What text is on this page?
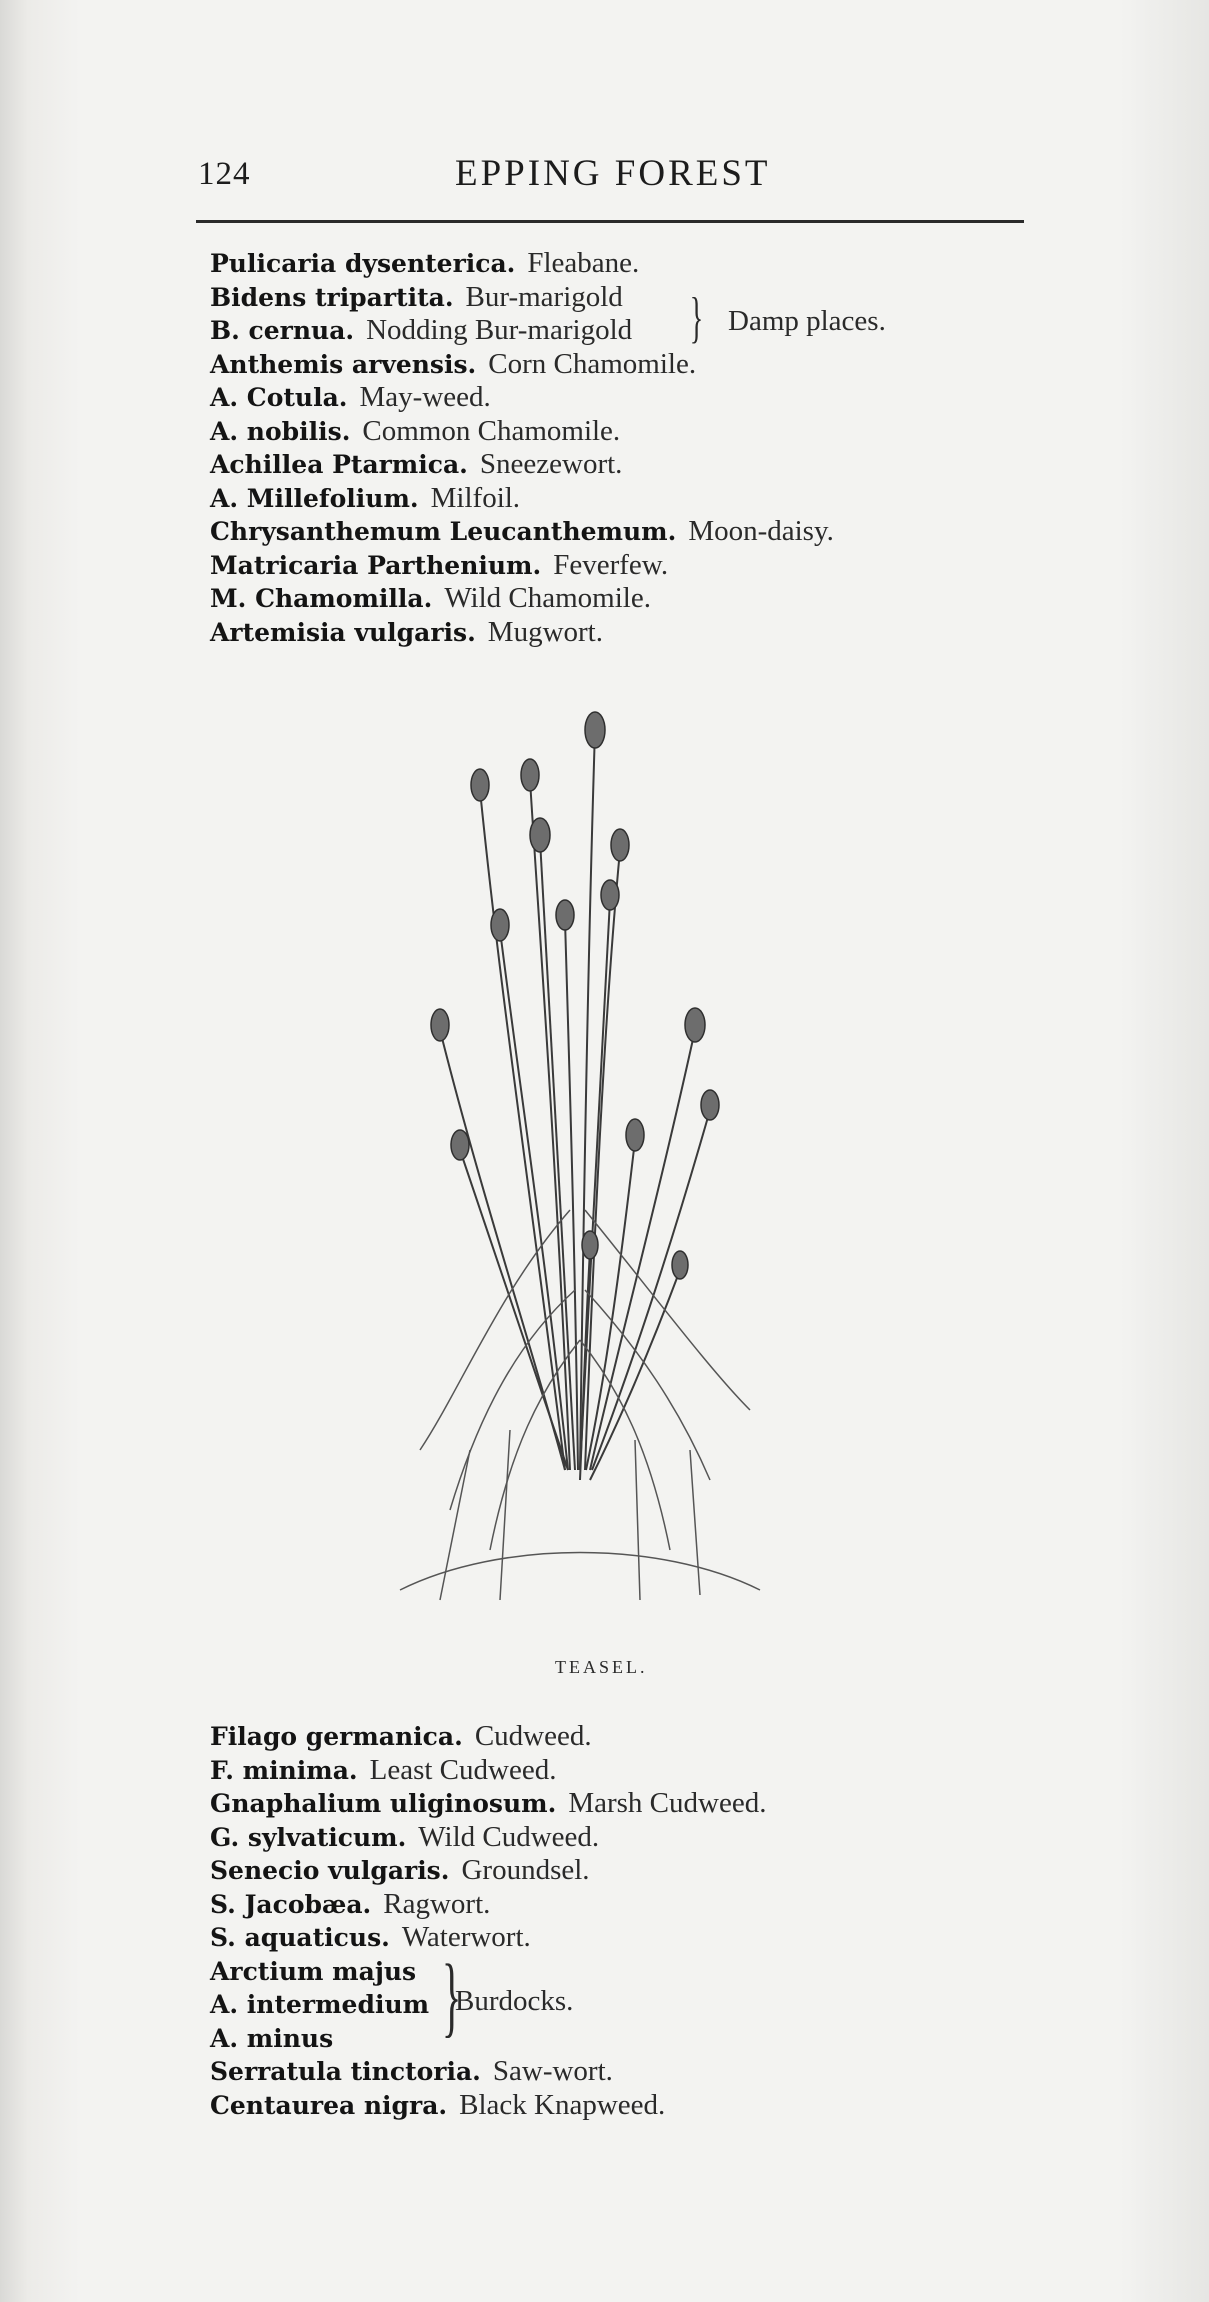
124	EPPING FOREST
Pulicaria dysenterica. Fleabane.
Bidens tripartita. Bur-marigold
B. cernua. Nodding Bur-marigold
Anthemis arvensis. Corn Chamomile.
A. Cotula. May-weed.
A. nobilis. Common Chamomile.
Achillea Ptarmica. Sneezewort.
A. Millefolium. Milfoil.
Chrysanthemum Leucanthemum. Moon-daisy.
Matricaria Parthenium. Feverfew.
M. Chamomilla. Wild Chamomile.
Artemisia vulgaris. Mugwort.
} Damp places.
TEASEL.
Filago germanica. Cudweed.
F. minima. Least Cudweed.
Gnaphalium uliginosum. Marsh Cudweed.
G. sylvaticum. Wild Cudweed.
Senecio vulgaris. Groundsel.
S. Jacobæa. Ragwort.
S. aquaticus. Waterwort.
Arctium majus
A. intermedium
A. minus
Serratula tinctoria. Saw-wort.
Centaurea nigra. Black Knapweed.
}
Burdocks.
